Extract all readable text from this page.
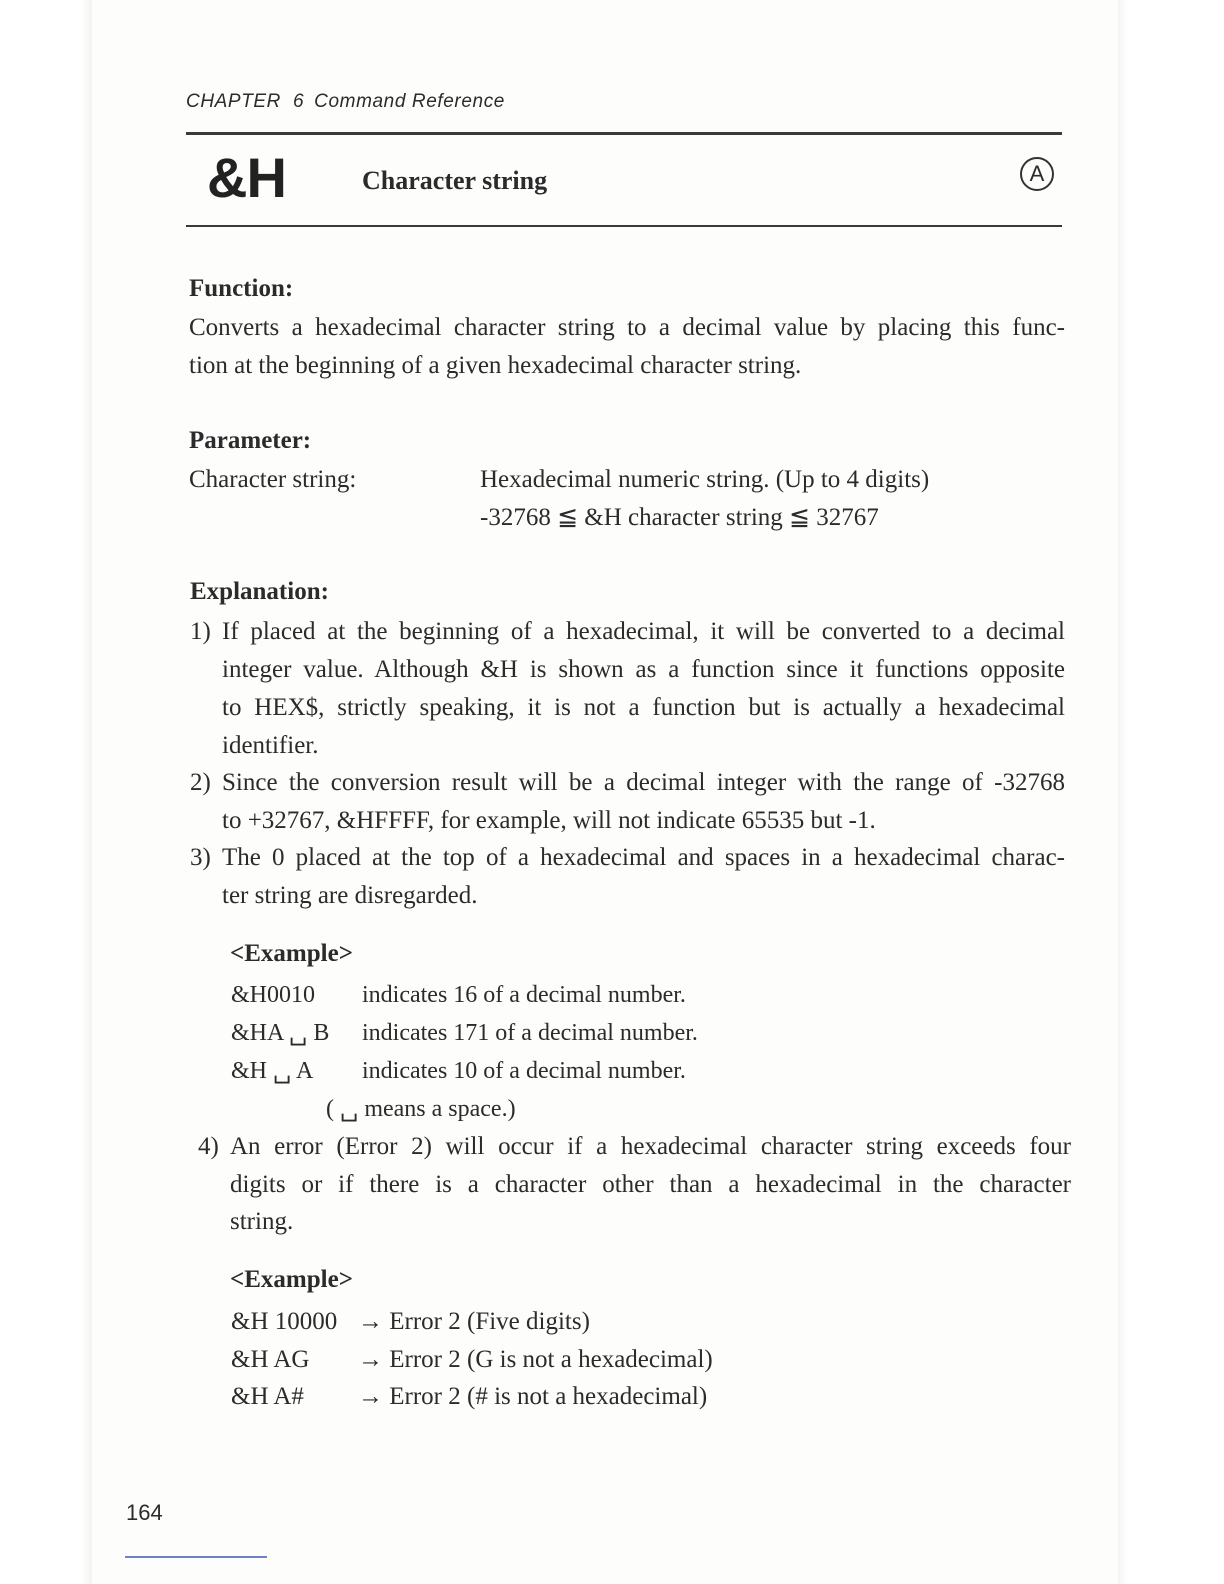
CHAPTER 6 Command Reference
&H	Character string	A
Function:
Converts a hexadecimal character string to a decimal value by placing this func-
tion at the beginning of a given hexadecimal character string.
Parameter:
Character string:	Hexadecimal numeric string. (Up to 4 digits)
-32768 ≦ &H character string ≦ 32767
Explanation:
1) If placed at the beginning of a hexadecimal, it will be converted to a decimal
integer value. Although &H is shown as a function since it functions opposite
to HEX$, strictly speaking, it is not a function but is actually a hexadecimal
identifier.
2) Since the conversion result will be a decimal integer with the range of -32768
to +32767, &HFFFF, for example, will not indicate 65535 but -1.
3) The 0 placed at the top of a hexadecimal and spaces in a hexadecimal charac-
ter string are disregarded.
<Example>
&H0010 indicates 16 of a decimal number.
&HA ␣ B indicates 171 of a decimal number.
&H ␣ A indicates 10 of a decimal number.
( ␣ means a space.)
4) An error (Error 2) will occur if a hexadecimal character string exceeds four
digits or if there is a character other than a hexadecimal in the character
string.
<Example>
&H 10000 → Error 2 (Five digits)
&H AG → Error 2 (G is not a hexadecimal)
&H A# → Error 2 (# is not a hexadecimal)
164
